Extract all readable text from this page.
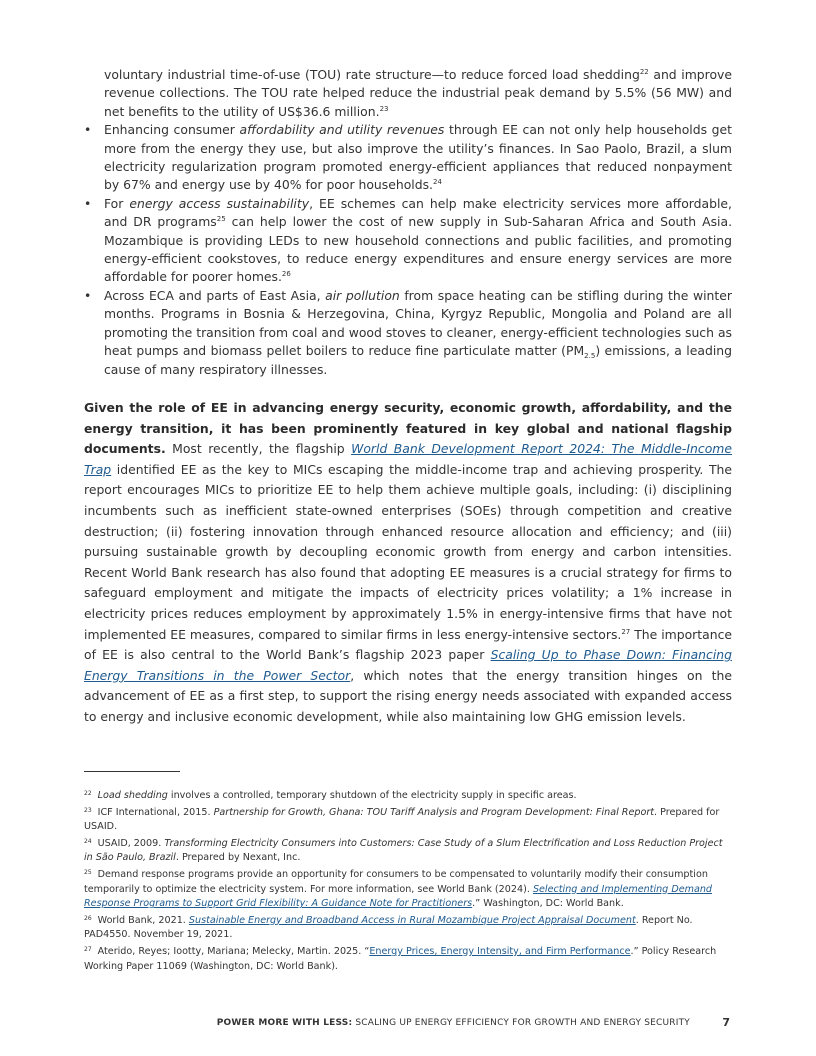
voluntary industrial time-of-use (TOU) rate structure—to reduce forced load shedding$^{22}$ and improve revenue collections. The TOU rate helped reduce the industrial peak demand by 5.5% (56 MW) and net benefits to the utility of US$36.6 million.$^{23}$
• Enhancing consumer affordability and utility revenues through EE can not only help households get more from the energy they use, but also improve the utility’s finances. In Sao Paolo, Brazil, a slum electricity regularization program promoted energy-efficient appliances that reduced nonpayment by 67% and energy use by 40% for poor households.$^{24}$
• For energy access sustainability, EE schemes can help make electricity services more affordable, and DR programs$^{25}$ can help lower the cost of new supply in Sub-Saharan Africa and South Asia. Mozambique is providing LEDs to new household connections and public facilities, and promoting energy-efficient cookstoves, to reduce energy expenditures and ensure energy services are more affordable for poorer homes.$^{26}$
• Across ECA and parts of East Asia, air pollution from space heating can be stifling during the winter months. Programs in Bosnia & Herzegovina, China, Kyrgyz Republic, Mongolia and Poland are all promoting the transition from coal and wood stoves to cleaner, energy-efficient technologies such as heat pumps and biomass pellet boilers to reduce fine particulate matter $(PM_{2.5})$ emissions, a leading cause of many respiratory illnesses.

Given the role of EE in advancing energy security, economic growth, affordability, and the energy transition, it has been prominently featured in key global and national flagship documents. Most recently, the flagship World Bank Development Report 2024: The Middle-Income Trap identified EE as the key to MICs escaping the middle-income trap and achieving prosperity. The report encourages MICs to prioritize EE to help them achieve multiple goals, including: (i) disciplining incumbents such as inefficient state-owned enterprises (SOEs) through competition and creative destruction; (ii) fostering innovation through enhanced resource allocation and efficiency; and (iii) pursuing sustainable growth by decoupling economic growth from energy and carbon intensities. Recent World Bank research has also found that adopting EE measures is a crucial strategy for firms to safeguard employment and mitigate the impacts of electricity prices volatility; a 1% increase in electricity prices reduces employment by approximately 1.5% in energy-intensive firms that have not implemented EE measures, compared to similar firms in less energy-intensive sectors.$^{27}$ The importance of EE is also central to the World Bank’s flagship 2023 paper Scaling Up to Phase Down: Financing Energy Transitions in the Power Sector, which notes that the energy transition hinges on the advancement of EE as a first step, to support the rising energy needs associated with expanded access to energy and inclusive economic development, while also maintaining low GHG emission levels.

$^{22}$ Load shedding involves a controlled, temporary shutdown of the electricity supply in specific areas.

$^{23}$ ICF International, 2015. Partnership for Growth, Ghana: TOU Tariff Analysis and Program Development: Final Report. Prepared for USAID.

$^{24}$ USAID, 2009. Transforming Electricity Consumers into Customers: Case Study of a Slum Electrification and Loss Reduction Project in São Paulo, Brazil. Prepared by Nexant, Inc.

$^{25}$ Demand response programs provide an opportunity for consumers to be compensated to voluntarily modify their consumption temporarily to optimize the electricity system. For more information, see World Bank (2024). Selecting and Implementing Demand Response Programs to Support Grid Flexibility: A Guidance Note for Practitioners.” Washington, DC: World Bank.

$^{26}$ World Bank, 2021. Sustainable Energy and Broadband Access in Rural Mozambique Project Appraisal Document. Report No. PAD4550. November 19, 2021.

$^{27}$ Aterido, Reyes; Iootty, Mariana; Melecky, Martin. 2025. “Energy Prices, Energy Intensity, and Firm Performance.” Policy Research Working Paper 11069 (Washington, DC: World Bank).

POWER MORE WITH LESS: SCALING UP ENERGY EFFICIENCY FOR GROWTH AND ENERGY SECURITY	7
